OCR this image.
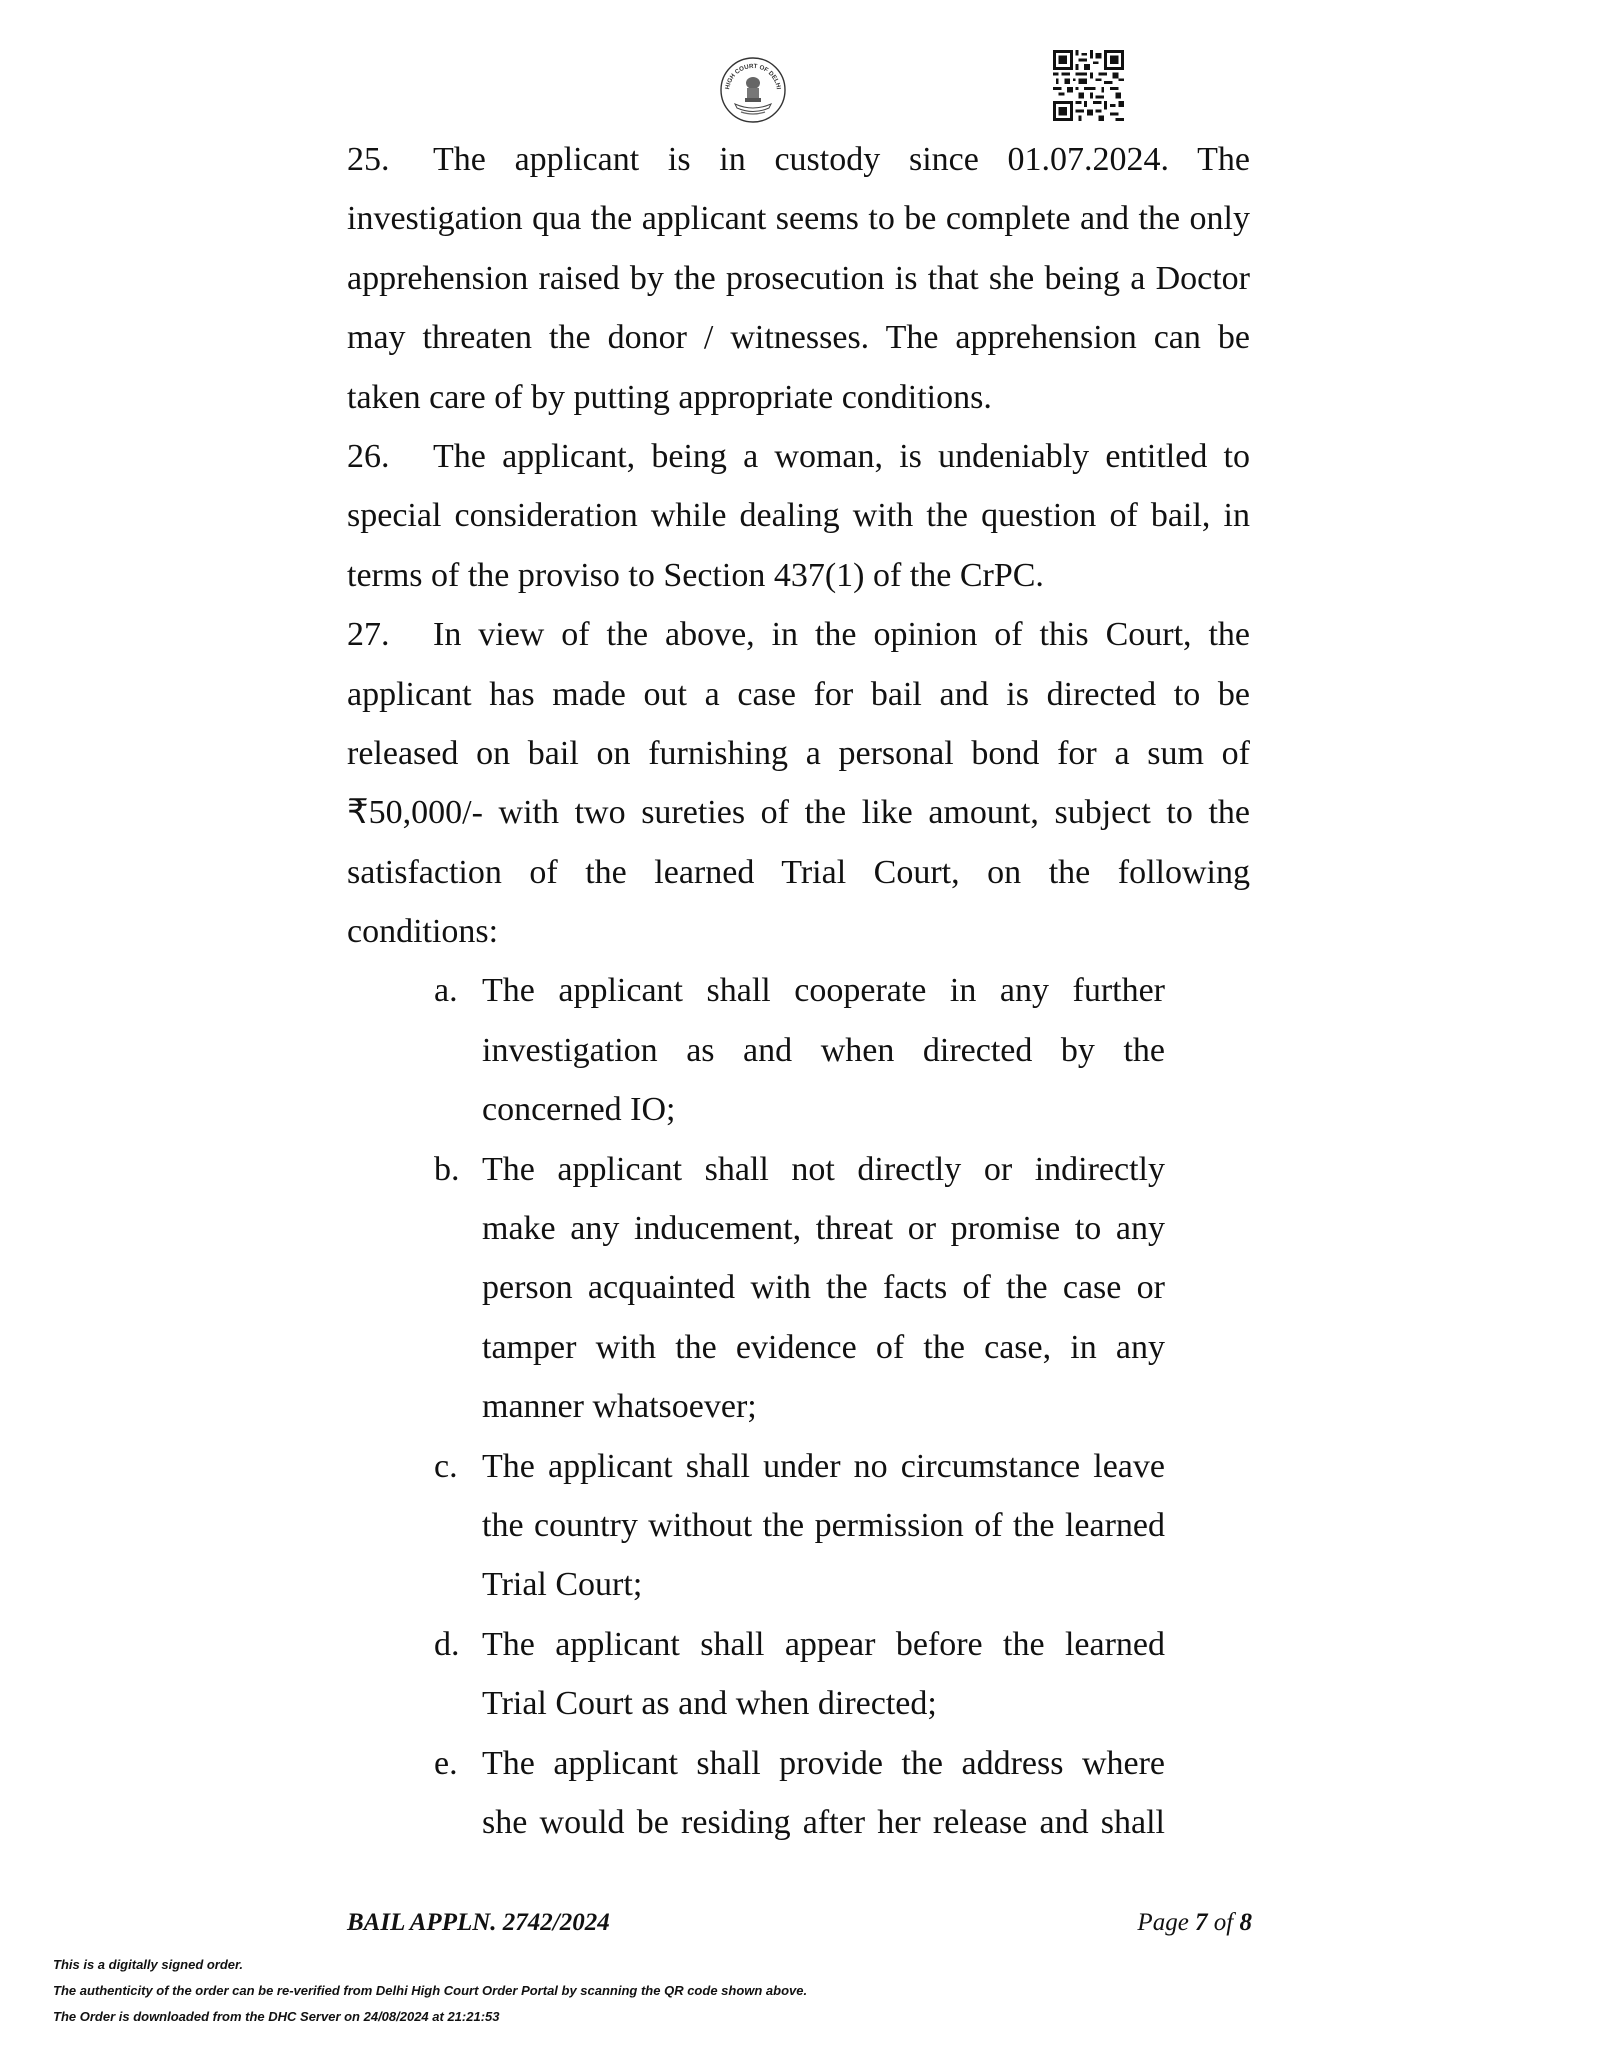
HIGH COURT OF DELHI
25. The applicant is in custody since 01.07.2024. The
investigation qua the applicant seems to be complete and the only
apprehension raised by the prosecution is that she being a Doctor
may threaten the donor / witnesses. The apprehension can be
taken care of by putting appropriate conditions.
26. The applicant, being a woman, is undeniably entitled to
special consideration while dealing with the question of bail, in
terms of the proviso to Section 437(1) of the CrPC.
27. In view of the above, in the opinion of this Court, the
applicant has made out a case for bail and is directed to be
released on bail on furnishing a personal bond for a sum of
₹50,000/- with two sureties of the like amount, subject to the
satisfaction of the learned Trial Court, on the following
conditions:
a. The applicant shall cooperate in any further
investigation as and when directed by the
concerned IO;
b. The applicant shall not directly or indirectly
make any inducement, threat or promise to any
person acquainted with the facts of the case or
tamper with the evidence of the case, in any
manner whatsoever;
c. The applicant shall under no circumstance leave
the country without the permission of the learned
Trial Court;
d. The applicant shall appear before the learned
Trial Court as and when directed;
e. The applicant shall provide the address where
she would be residing after her release and shall
BAIL APPLN. 2742/2024	Page 7 of 8
This is a digitally signed order.
The authenticity of the order can be re-verified from Delhi High Court Order Portal by scanning the QR code shown above.
The Order is downloaded from the DHC Server on 24/08/2024 at 21:21:53
